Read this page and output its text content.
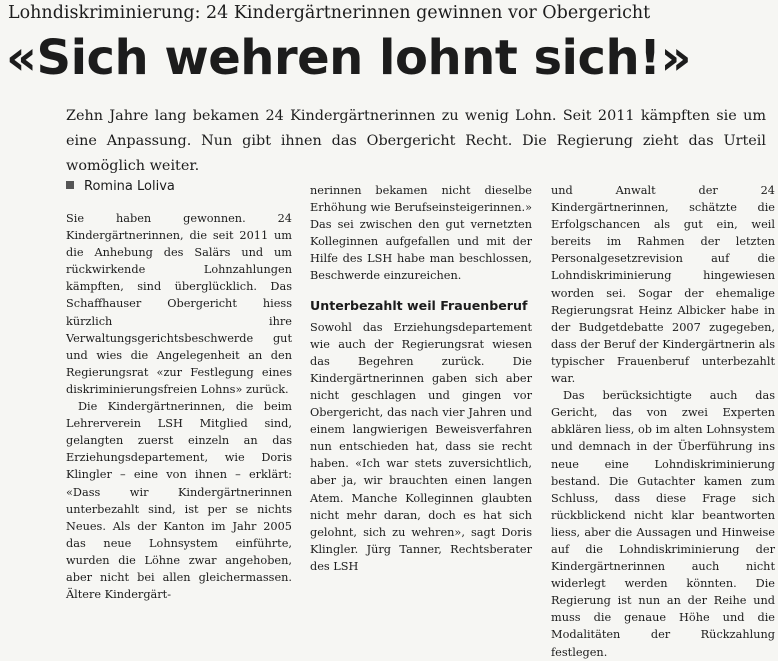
Lohndiskriminierung: 24 Kindergärtnerinnen gewinnen vor Obergericht
«Sich wehren lohnt sich!»
Zehn Jahre lang bekamen 24 Kindergärtnerinnen zu wenig Lohn. Seit 2011 kämpften sie um eine Anpassung. Nun gibt ihnen das Obergericht Recht. Die Regierung zieht das Urteil womöglich weiter.

Romina Loliva

Sie haben gewonnen. 24 Kindergärtnerinnen, die seit 2011 um die Anhebung des Salärs und um rückwirkende Lohnzahlungen kämpften, sind überglücklich. Das Schaffhauser Obergericht hiess kürzlich ihre Verwaltungsgerichtsbeschwerde gut und wies die Angelegenheit an den Regierungsrat «zur Festlegung eines diskriminierungsfreien Lohns» zurück.

Die Kindergärtnerinnen, die beim Lehrerverein LSH Mitglied sind, gelangten zuerst einzeln an das Erziehungsdepartement, wie Doris Klingler – eine von ihnen – erklärt: «Dass wir Kindergärtnerinnen unterbezahlt sind, ist per se nichts Neues. Als der Kanton im Jahr 2005 das neue Lohnsystem einführte, wurden die Löhne zwar angehoben, aber nicht bei allen gleichermassen. Ältere Kindergärt-

nerinnen bekamen nicht dieselbe Erhöhung wie Berufseinsteigerinnen.» Das sei zwischen den gut vernetzten Kolleginnen aufgefallen und mit der Hilfe des LSH habe man beschlossen, Beschwerde einzureichen.

Unterbezahlt weil Frauenberuf

Sowohl das Erziehungsdepartement wie auch der Regierungsrat wiesen das Begehren zurück. Die Kindergärtnerinnen gaben sich aber nicht geschlagen und gingen vor Obergericht, das nach vier Jahren und einem langwierigen Beweisverfahren nun entschieden hat, dass sie recht haben. «Ich war stets zuversichtlich, aber ja, wir brauchten einen langen Atem. Manche Kolleginnen glaubten nicht mehr daran, doch es hat sich gelohnt, sich zu wehren», sagt Doris Klingler. Jürg Tanner, Rechtsberater des LSH

und Anwalt der 24 Kindergärtnerinnen, schätzte die Erfolgschancen als gut ein, weil bereits im Rahmen der letzten Personalgesetzrevision auf die Lohndiskriminierung hingewiesen worden sei. Sogar der ehemalige Regierungsrat Heinz Albicker habe in der Budgetdebatte 2007 zugegeben, dass der Beruf der Kindergärtnerin als typischer Frauenberuf unterbezahlt war.

Das berücksichtigte auch das Gericht, das von zwei Experten abklären liess, ob im alten Lohnsystem und demnach in der Überführung ins neue eine Lohndiskriminierung bestand. Die Gutachter kamen zum Schluss, dass diese Frage sich rückblickend nicht klar beantworten liess, aber die Aussagen und Hinweise auf die Lohndiskriminierung der Kindergärtnerinnen auch nicht widerlegt werden könnten. Die Regierung ist nun an der Reihe und muss die genaue Höhe und die Modalitäten der Rückzahlung festlegen.
